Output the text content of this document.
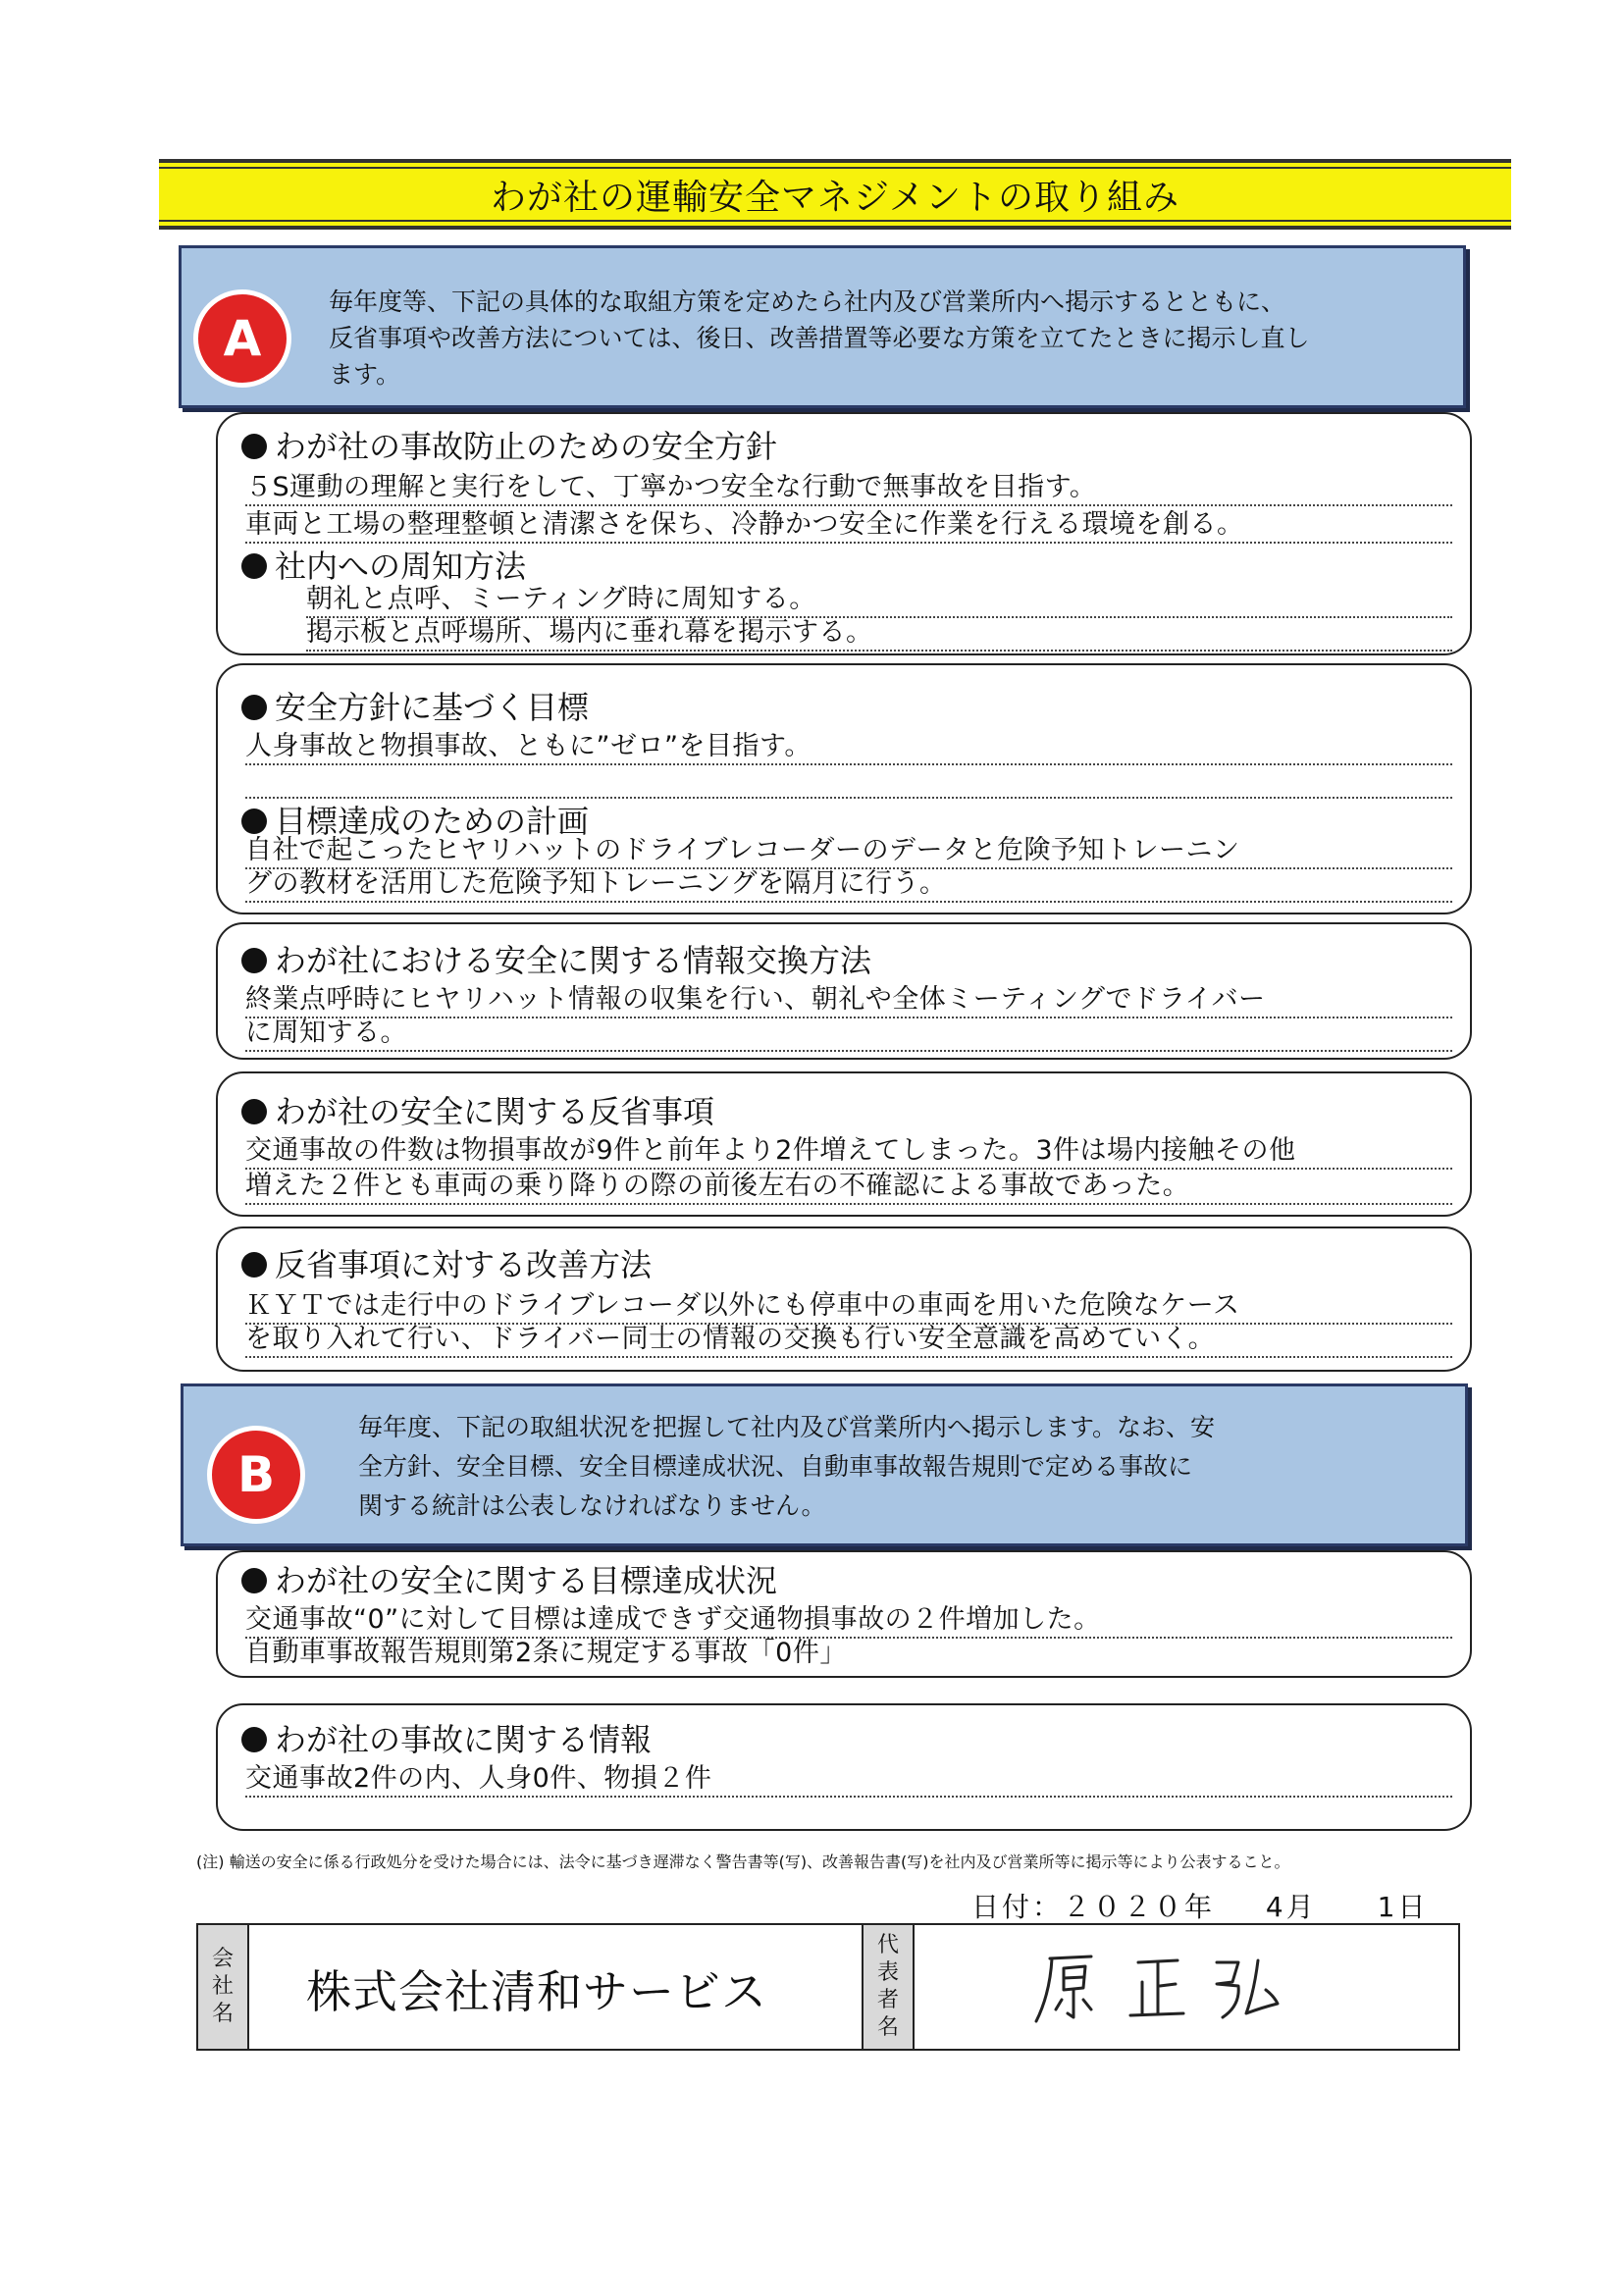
わが社の運輸安全マネジメントの取り組み
A
毎年度等、下記の具体的な取組方策を定めたら社内及び営業所内へ掲示するとともに、
反省事項や改善方法については、後日、改善措置等必要な方策を立てたときに掲示し直し
ます。
わが社の事故防止のための安全方針
５S運動の理解と実行をして、丁寧かつ安全な行動で無事故を目指す。
車両と工場の整理整頓と清潔さを保ち、冷静かつ安全に作業を行える環境を創る。
社内への周知方法
朝礼と点呼、ミーティング時に周知する。
掲示板と点呼場所、場内に垂れ幕を掲示する。
安全方針に基づく目標
人身事故と物損事故、ともに”ゼロ”を目指す。
目標達成のための計画
自社で起こったヒヤリハットのドライブレコーダーのデータと危険予知トレーニン
グの教材を活用した危険予知トレーニングを隔月に行う。
わが社における安全に関する情報交換方法
終業点呼時にヒヤリハット情報の収集を行い、朝礼や全体ミーティングでドライバー
に周知する。
わが社の安全に関する反省事項
交通事故の件数は物損事故が9件と前年より2件増えてしまった。3件は場内接触その他
増えた２件とも車両の乗り降りの際の前後左右の不確認による事故であった。
反省事項に対する改善方法
ＫＹＴでは走行中のドライブレコーダ以外にも停車中の車両を用いた危険なケース
を取り入れて行い、ドライバー同士の情報の交換も行い安全意識を高めていく。
B
毎年度、下記の取組状況を把握して社内及び営業所内へ掲示します。なお、安
全方針、安全目標、安全目標達成状況、自動車事故報告規則で定める事故に
関する統計は公表しなければなりません。
わが社の安全に関する目標達成状況
交通事故“0”に対して目標は達成できず交通物損事故の２件増加した。
自動車事故報告規則第2条に規定する事故「0件」
わが社の事故に関する情報
交通事故2件の内、人身0件、物損２件
(注) 輸送の安全に係る行政処分を受けた場合には、法令に基づき遅滞なく警告書等(写)、改善報告書(写)を社内及び営業所等に掲示等により公表すること。
日付：２０２０年 4月 1日
会
社
名 株式会社清和サービス
代
表
者
名
